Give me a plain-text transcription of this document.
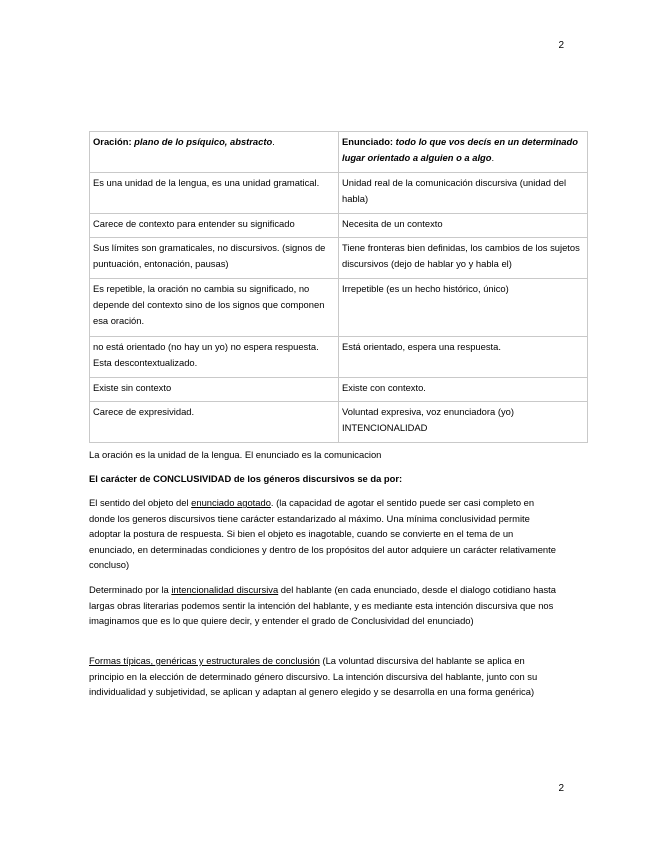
2
Oración: plano de lo psíquico, abstracto.	Enunciado: todo lo que vos decís en un determinado lugar orientado a alguien o a algo.
Es una unidad de la lengua, es una unidad gramatical.	Unidad real de la comunicación discursiva (unidad del habla)
Carece de contexto para entender su significado	Necesita de un contexto
Sus límites son gramaticales, no discursivos. (signos de puntuación, entonación, pausas)	Tiene fronteras bien definidas, los cambios de los sujetos discursivos (dejo de hablar yo y habla el)
Es repetible, la oración no cambia su significado, no depende del contexto sino de los signos que componen esa oración.	Irrepetible (es un hecho histórico, único)
no está orientado (no hay un yo) no espera respuesta. Esta descontextualizado.	Está orientado, espera una respuesta.
Existe sin contexto	Existe con contexto.
Carece de expresividad.	Voluntad expresiva, voz enunciadora (yo) INTENCIONALIDAD
La oración es la unidad de la lengua. El enunciado es la comunicacion
El carácter de CONCLUSIVIDAD de los géneros discursivos se da por:
El sentido del objeto del enunciado agotado. (la capacidad de agotar el sentido puede ser casi completo en donde los generos discursivos tiene carácter estandarizado al máximo. Una mínima conclusividad permite adoptar la postura de respuesta. Si bien el objeto es inagotable, cuando se convierte en el tema de un enunciado, en determinadas condiciones y dentro de los propósitos del autor adquiere un carácter relativamente concluso)
Determinado por la intencionalidad discursiva del hablante (en cada enunciado, desde el dialogo cotidiano hasta largas obras literarias podemos sentir la intención del hablante, y es mediante esta intención discursiva que nos imaginamos que es lo que quiere decir, y entender el grado de Conclusividad del enunciado)
Formas típicas, genéricas y estructurales de conclusión (La voluntad discursiva del hablante se aplica en principio en la elección de determinado género discursivo. La intención discursiva del hablante, junto con su individualidad y subjetividad, se aplican y adaptan al genero elegido y se desarrolla en una forma genérica)
2
